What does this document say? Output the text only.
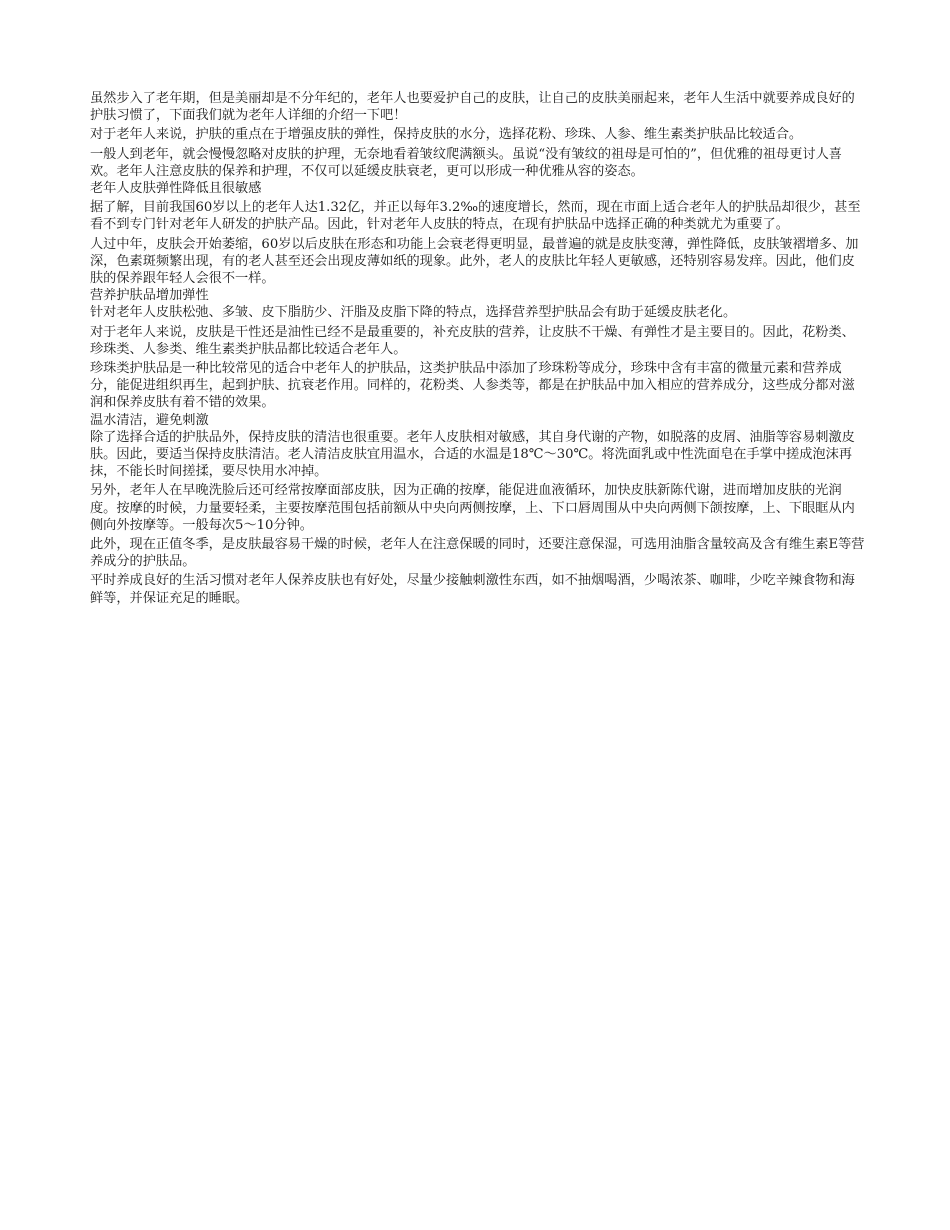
虽然步入了老年期，但是美丽却是不分年纪的，老年人也要爱护自己的皮肤，让自己的皮肤美丽起来，老年人生活中就要养成良好的护肤习惯了，下面我们就为老年人详细的介绍一下吧！

对于老年人来说，护肤的重点在于增强皮肤的弹性，保持皮肤的水分，选择花粉、珍珠、人参、维生素类护肤品比较适合。

一般人到老年，就会慢慢忽略对皮肤的护理，无奈地看着皱纹爬满额头。虽说“没有皱纹的祖母是可怕的”，但优雅的祖母更讨人喜欢。老年人注意皮肤的保养和护理，不仅可以延缓皮肤衰老，更可以形成一种优雅从容的姿态。

老年人皮肤弹性降低且很敏感

据了解，目前我国60岁以上的老年人达1.32亿，并正以每年3.2‰的速度增长，然而，现在市面上适合老年人的护肤品却很少，甚至看不到专门针对老年人研发的护肤产品。因此，针对老年人皮肤的特点，在现有护肤品中选择正确的种类就尤为重要了。

人过中年，皮肤会开始萎缩，60岁以后皮肤在形态和功能上会衰老得更明显，最普遍的就是皮肤变薄，弹性降低，皮肤皱褶增多、加深，色素斑频繁出现，有的老人甚至还会出现皮薄如纸的现象。此外，老人的皮肤比年轻人更敏感，还特别容易发痒。因此，他们皮肤的保养跟年轻人会很不一样。

营养护肤品增加弹性

针对老年人皮肤松弛、多皱、皮下脂肪少、汗脂及皮脂下降的特点，选择营养型护肤品会有助于延缓皮肤老化。

对于老年人来说，皮肤是干性还是油性已经不是最重要的，补充皮肤的营养，让皮肤不干燥、有弹性才是主要目的。因此，花粉类、珍珠类、人参类、维生素类护肤品都比较适合老年人。

珍珠类护肤品是一种比较常见的适合中老年人的护肤品，这类护肤品中添加了珍珠粉等成分，珍珠中含有丰富的微量元素和营养成分，能促进组织再生，起到护肤、抗衰老作用。同样的，花粉类、人参类等，都是在护肤品中加入相应的营养成分，这些成分都对滋润和保养皮肤有着不错的效果。

温水清洁，避免刺激

除了选择合适的护肤品外，保持皮肤的清洁也很重要。老年人皮肤相对敏感，其自身代谢的产物，如脱落的皮屑、油脂等容易刺激皮肤。因此，要适当保持皮肤清洁。老人清洁皮肤宜用温水，合适的水温是18℃～30℃。将洗面乳或中性洗面皂在手掌中搓成泡沫再抹，不能长时间搓揉，要尽快用水冲掉。

另外，老年人在早晚洗脸后还可经常按摩面部皮肤，因为正确的按摩，能促进血液循环，加快皮肤新陈代谢，进而增加皮肤的光润度。按摩的时候，力量要轻柔，主要按摩范围包括前额从中央向两侧按摩，上、下口唇周围从中央向两侧下颌按摩，上、下眼眶从内侧向外按摩等。一般每次5～10分钟。

此外，现在正值冬季，是皮肤最容易干燥的时候，老年人在注意保暖的同时，还要注意保湿，可选用油脂含量较高及含有维生素E等营养成分的护肤品。

平时养成良好的生活习惯对老年人保养皮肤也有好处，尽量少接触刺激性东西，如不抽烟喝酒，少喝浓茶、咖啡，少吃辛辣食物和海鲜等，并保证充足的睡眠。
